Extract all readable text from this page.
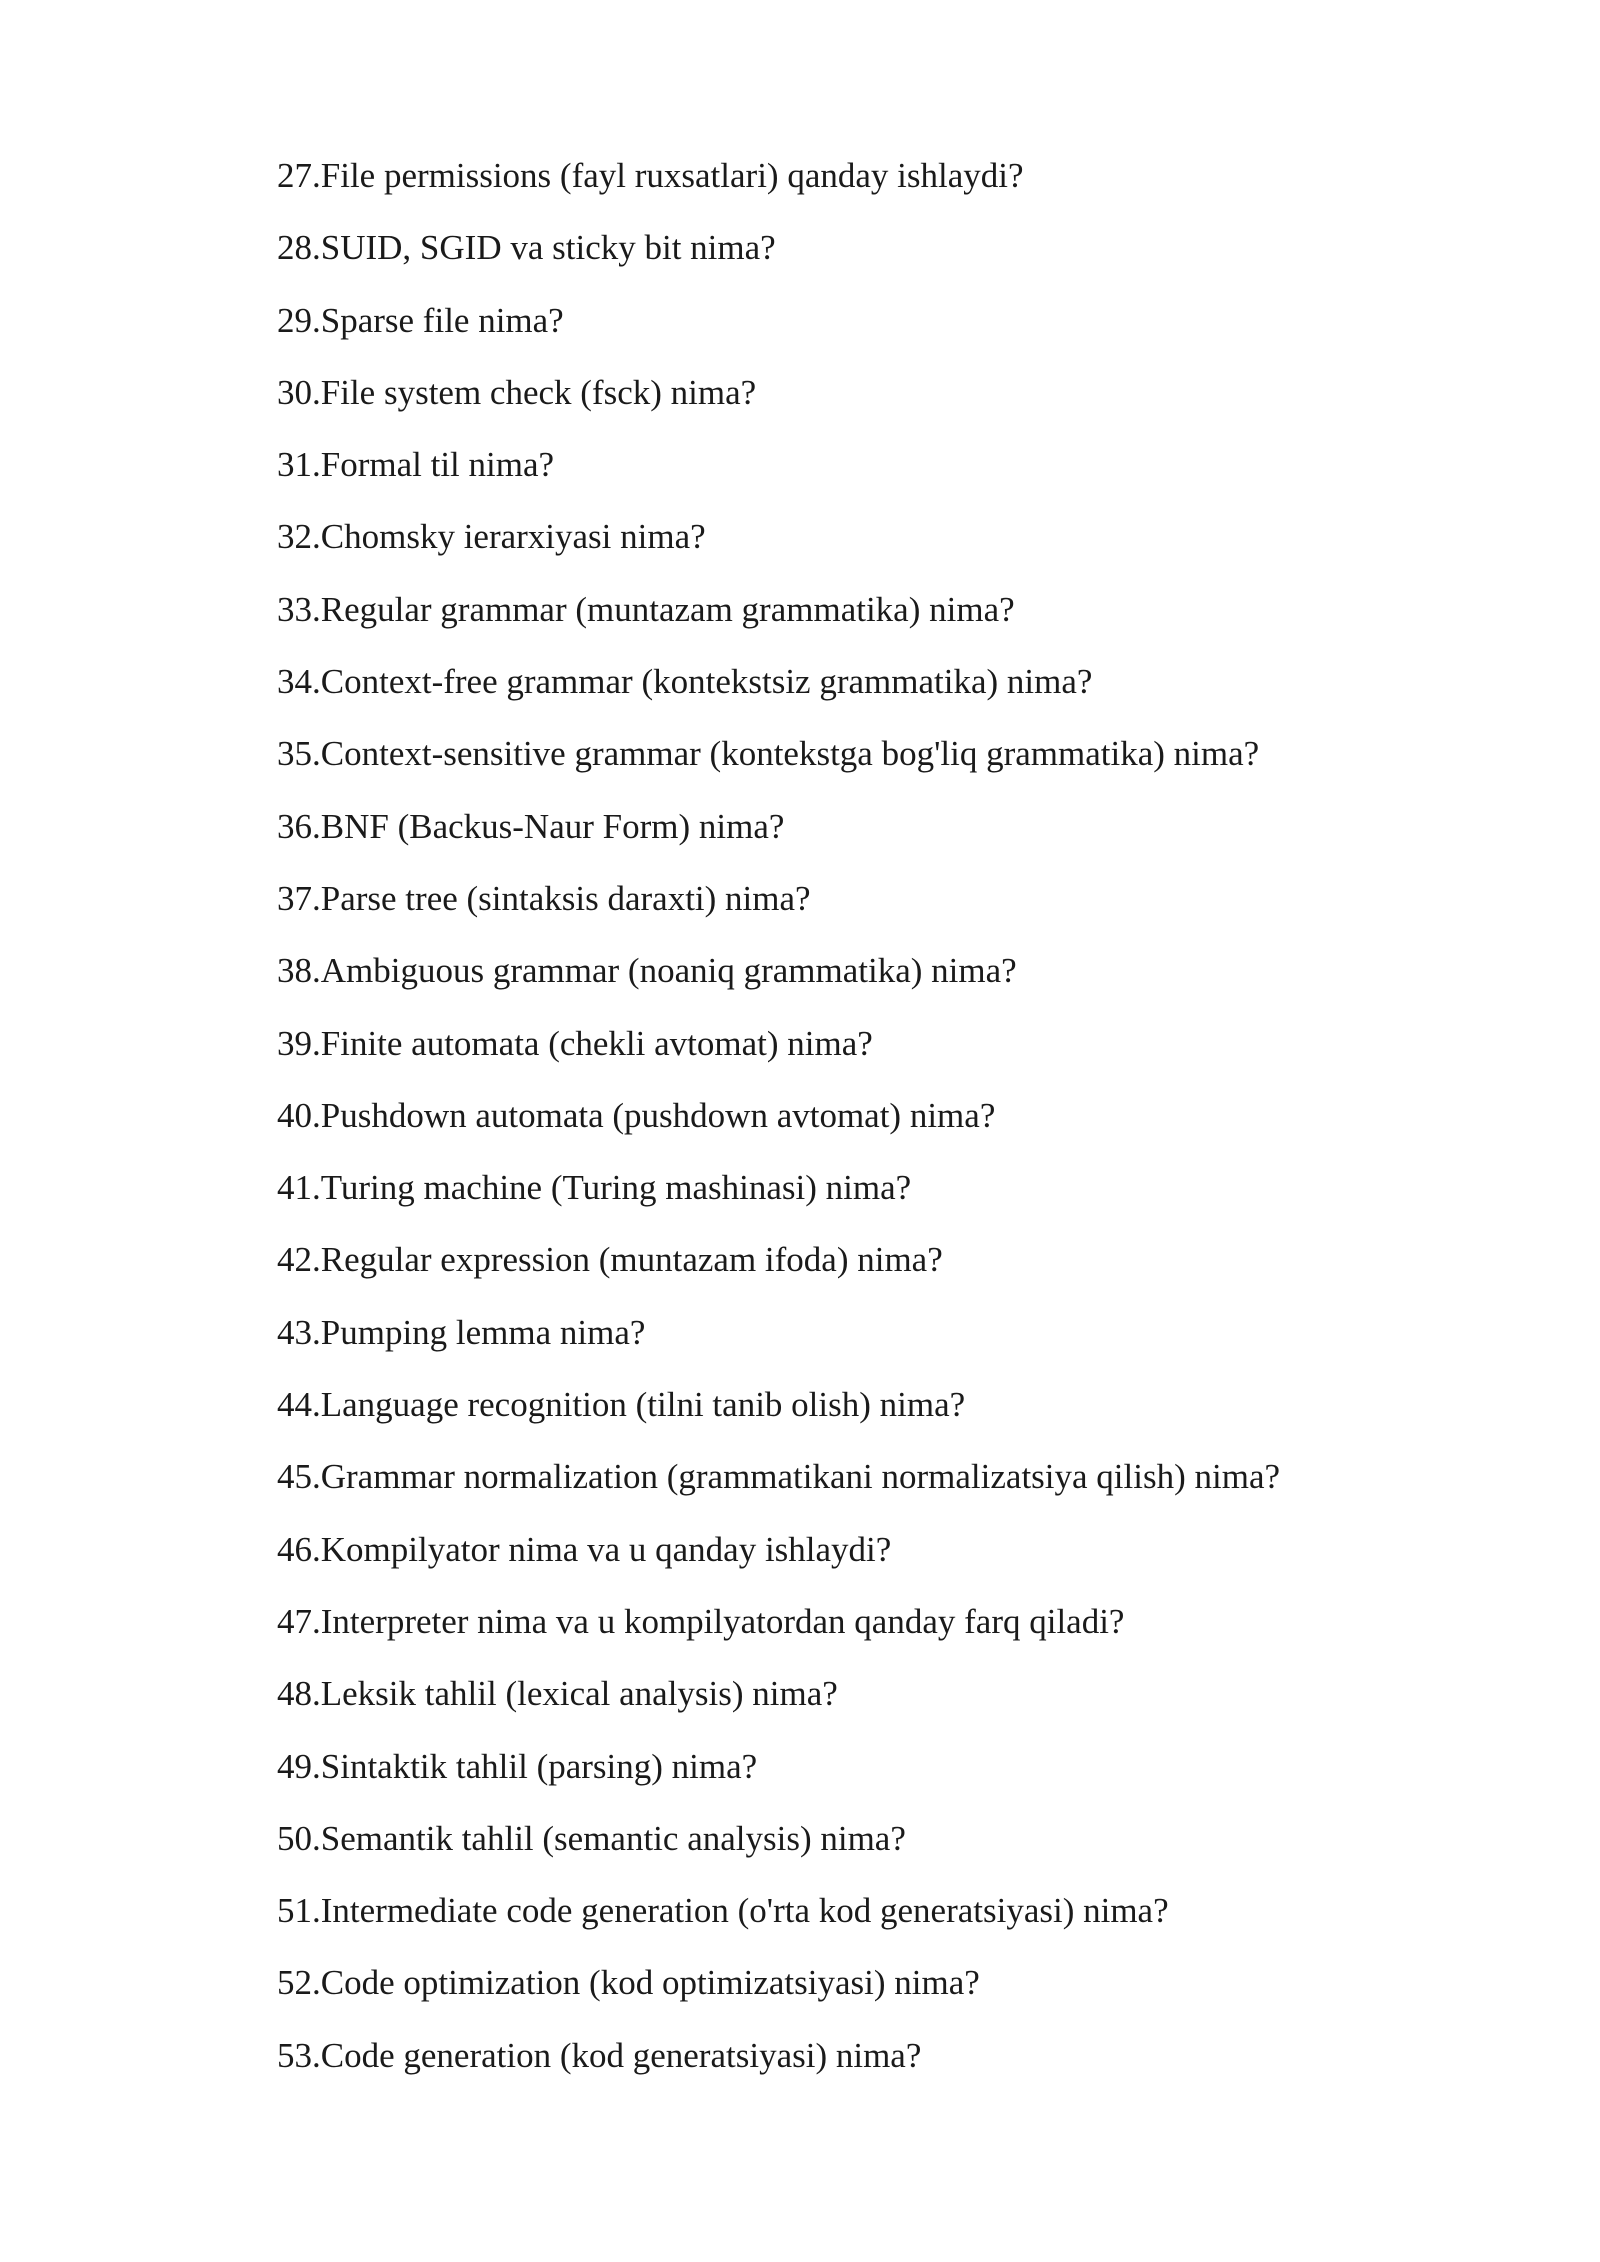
27. File permissions (fayl ruxsatlari) qanday ishlaydi?
28. SUID, SGID va sticky bit nima?
29. Sparse file nima?
30. File system check (fsck) nima?
31. Formal til nima?
32. Chomsky ierarxiyasi nima?
33. Regular grammar (muntazam grammatika) nima?
34. Context-free grammar (kontekstsiz grammatika) nima?
35. Context-sensitive grammar (kontekstga bog'liq grammatika) nima?
36. BNF (Backus-Naur Form) nima?
37. Parse tree (sintaksis daraxti) nima?
38. Ambiguous grammar (noaniq grammatika) nima?
39. Finite automata (chekli avtomat) nima?
40. Pushdown automata (pushdown avtomat) nima?
41. Turing machine (Turing mashinasi) nima?
42. Regular expression (muntazam ifoda) nima?
43. Pumping lemma nima?
44. Language recognition (tilni tanib olish) nima?
45. Grammar normalization (grammatikani normalizatsiya qilish) nima?
46. Kompilyator nima va u qanday ishlaydi?
47. Interpreter nima va u kompilyatordan qanday farq qiladi?
48. Leksik tahlil (lexical analysis) nima?
49. Sintaktik tahlil (parsing) nima?
50. Semantik tahlil (semantic analysis) nima?
51. Intermediate code generation (o'rta kod generatsiyasi) nima?
52. Code optimization (kod optimizatsiyasi) nima?
53. Code generation (kod generatsiyasi) nima?
